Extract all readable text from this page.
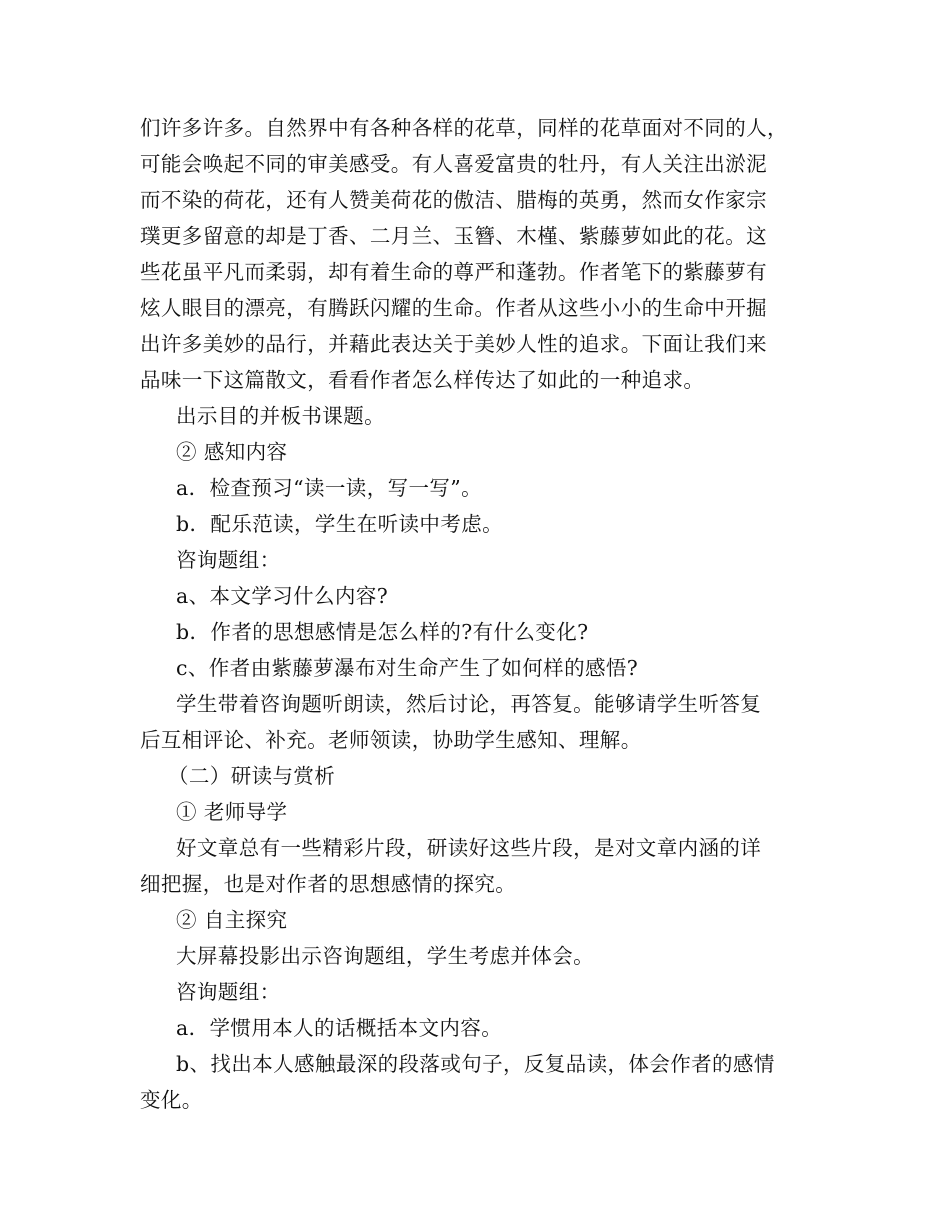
们许多许多。自然界中有各种各样的花草，同样的花草面对不同的人，
可能会唤起不同的审美感受。有人喜爱富贵的牡丹，有人关注出淤泥
而不染的荷花，还有人赞美荷花的傲洁、腊梅的英勇，然而女作家宗
璞更多留意的却是丁香、二月兰、玉簪、木槿、紫藤萝如此的花。这
些花虽平凡而柔弱，却有着生命的尊严和蓬勃。作者笔下的紫藤萝有
炫人眼目的漂亮，有腾跃闪耀的生命。作者从这些小小的生命中开掘
出许多美妙的品行，并藉此表达关于美妙人性的追求。下面让我们来
品味一下这篇散文，看看作者怎么样传达了如此的一种追求。
出示目的并板书课题。
② 感知内容
a．检查预习“读一读，写一写”。
b．配乐范读，学生在听读中考虑。
咨询题组：
a、本文学习什么内容?
b．作者的思想感情是怎么样的?有什么变化?
c、作者由紫藤萝瀑布对生命产生了如何样的感悟?
学生带着咨询题听朗读，然后讨论，再答复。能够请学生听答复
后互相评论、补充。老师领读，协助学生感知、理解。
（二）研读与赏析
① 老师导学
好文章总有一些精彩片段，研读好这些片段，是对文章内涵的详
细把握，也是对作者的思想感情的探究。
② 自主探究
大屏幕投影出示咨询题组，学生考虑并体会。
咨询题组：
a．学惯用本人的话概括本文内容。
b、找出本人感触最深的段落或句子，反复品读，体会作者的感情
变化。
